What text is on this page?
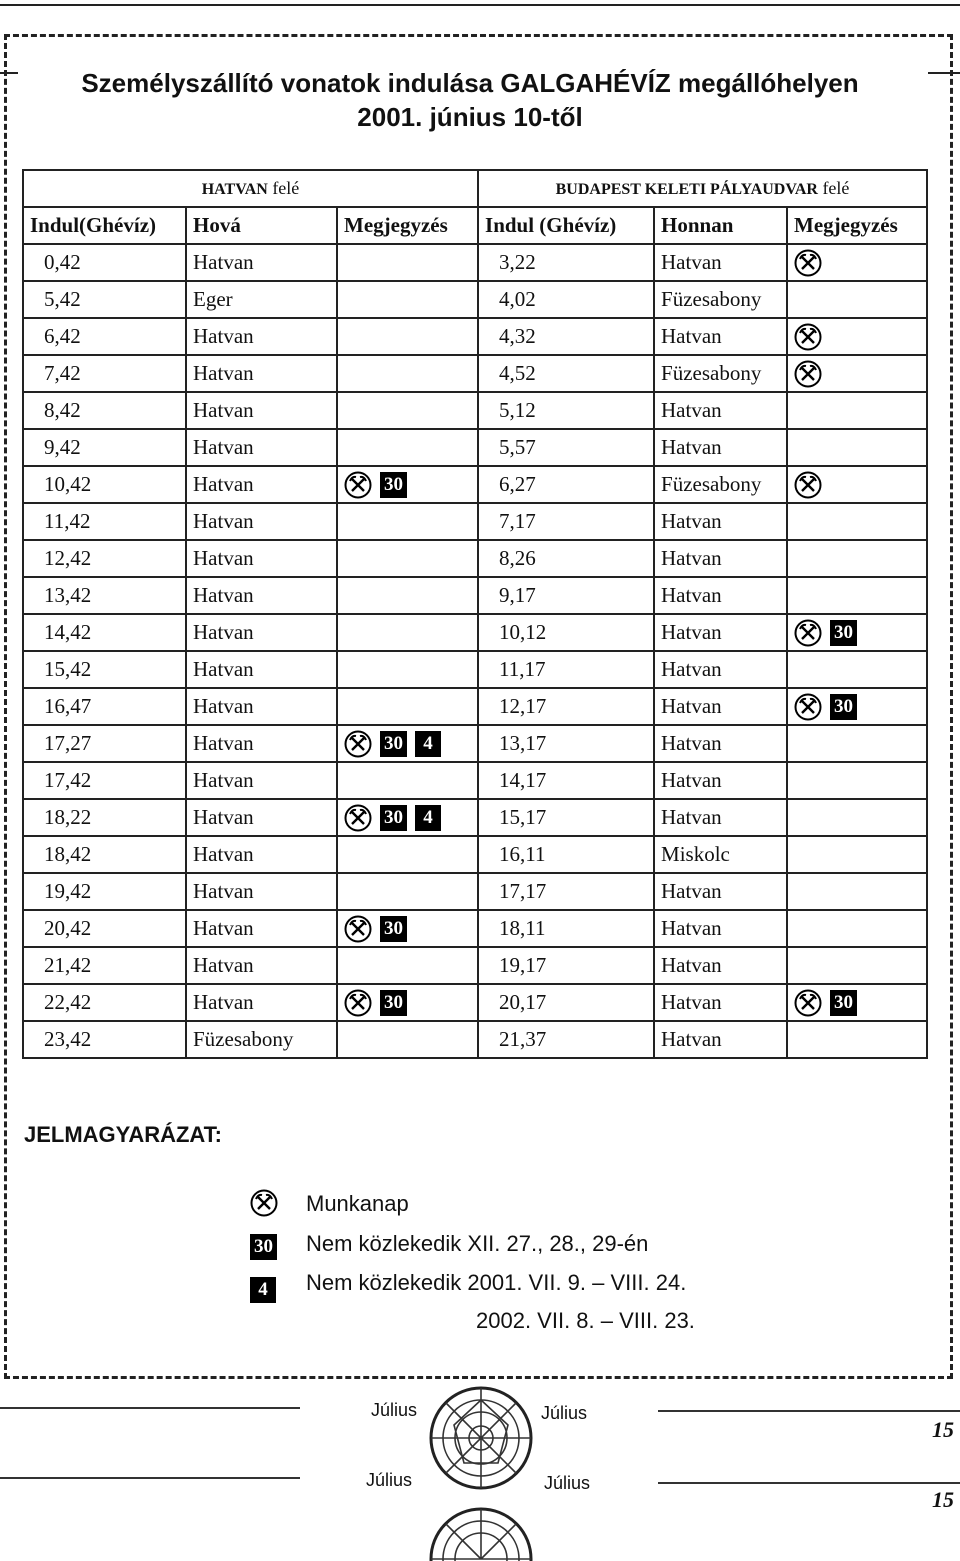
Személyszállító vonatok indulása GALGAHÉVÍZ megállóhelyen
2001. június 10-től
HATVAN felé			BUDAPEST KELETI PÁLYAUDVAR felé		
Indul(Ghévíz)	Hová	Megjegyzés	Indul (Ghévíz)	Honnan	Megjegyzés
0,42	Hatvan		3,22	Hatvan	

5,42	Eger		4,02	Füzesabony	

6,42	Hatvan		4,32	Hatvan	

7,42	Hatvan		4,52	Füzesabony	

8,42	Hatvan		5,12	Hatvan	

9,42	Hatvan		5,57	Hatvan	

10,42	Hatvan	30	6,27	Füzesabony	

11,42	Hatvan		7,17	Hatvan	

12,42	Hatvan		8,26	Hatvan	

13,42	Hatvan		9,17	Hatvan	

14,42	Hatvan		10,12	Hatvan	30

15,42	Hatvan		11,17	Hatvan	

16,47	Hatvan		12,17	Hatvan	30

17,27	Hatvan	30 4	13,17	Hatvan	

17,42	Hatvan		14,17	Hatvan	

18,22	Hatvan	30 4	15,17	Hatvan	

18,42	Hatvan		16,11	Miskolc	

19,42	Hatvan		17,17	Hatvan	

20,42	Hatvan	30	18,11	Hatvan	

21,42	Hatvan		19,17	Hatvan	

22,42	Hatvan	30	20,17	Hatvan	30

23,42	Füzesabony		21,37	Hatvan	
JELMAGYARÁZAT:
Munkanap
30 Nem közlekedik XII. 27., 28., 29-én
4	Nem közlekedik 2001. VII. 9. – VIII. 24.
2002. VII. 8. – VIII. 23.
Július	Július
Július	Július
15
15
